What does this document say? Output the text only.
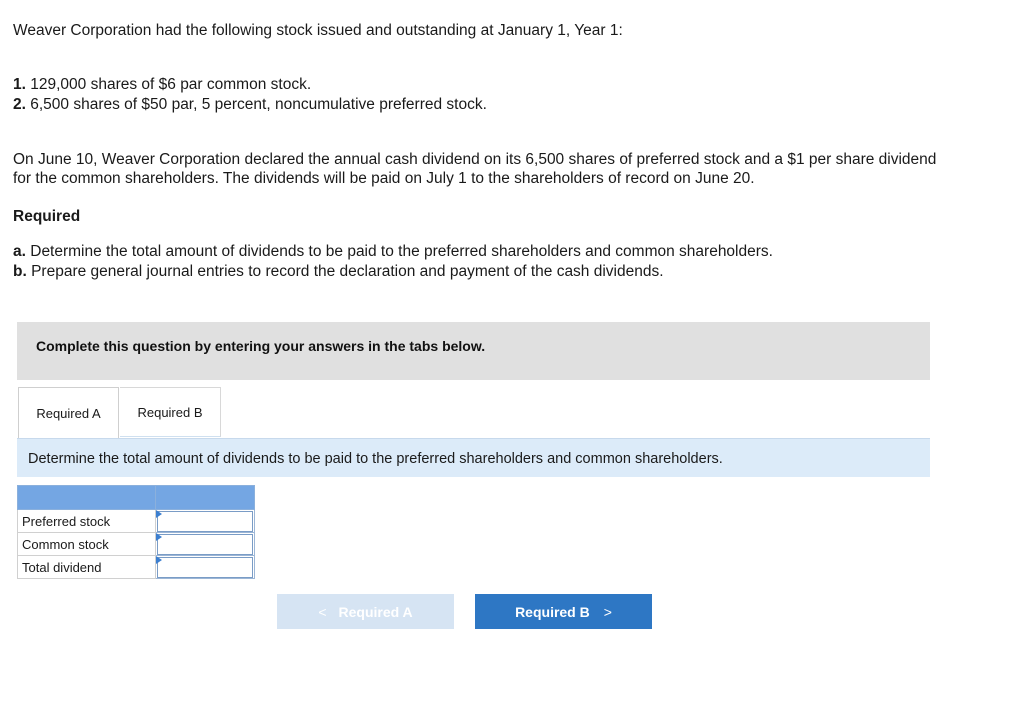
Weaver Corporation had the following stock issued and outstanding at January 1, Year 1:

1. 129,000 shares of $6 par common stock.
2. 6,500 shares of $50 par, 5 percent, noncumulative preferred stock.

On June 10, Weaver Corporation declared the annual cash dividend on its 6,500 shares of preferred stock and a $1 per share dividend for the common shareholders. The dividends will be paid on July 1 to the shareholders of record on June 20.

Required

a. Determine the total amount of dividends to be paid to the preferred shareholders and common shareholders.
b. Prepare general journal entries to record the declaration and payment of the cash dividends.
Complete this question by entering your answers in the tabs below.
Required A	Required B
Determine the total amount of dividends to be paid to the preferred shareholders and common shareholders.

Preferred stock	

Common stock	

Total dividend	
< Required A	Required B >
